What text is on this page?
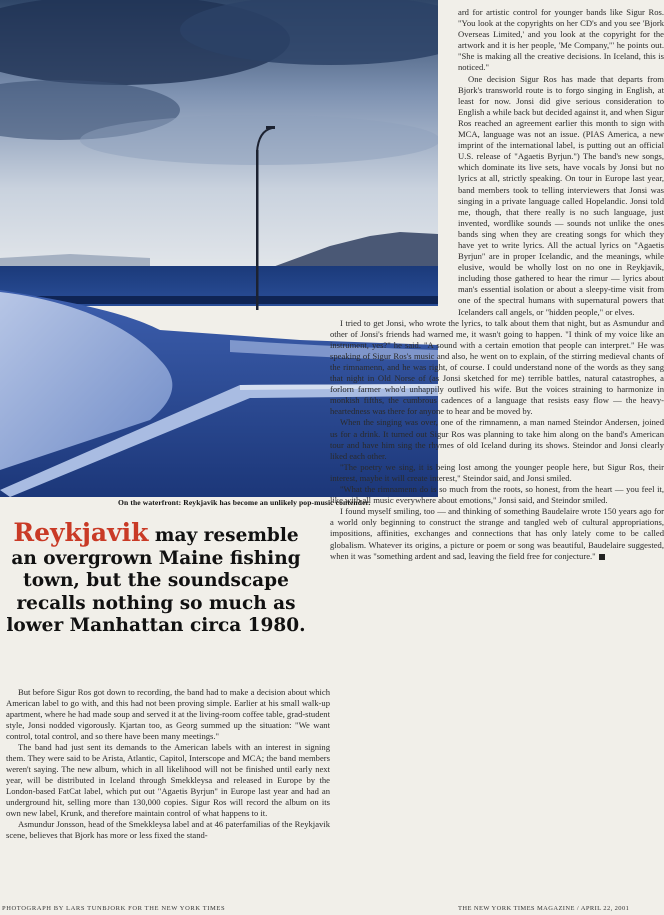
On the waterfront: Reykjavik has become an unlikely pop-music contender.
Reykjavik may resemble an overgrown Maine fishing town, but the soundscape recalls nothing so much as lower Manhattan circa 1980.

But before Sigur Ros got down to recording, the band had to make a decision about which American label to go with, and this had not been proving simple. Earlier at his small walk-up apartment, where he had made soup and served it at the living-room coffee table, grad-student style, Jonsi nodded vigorously. Kjartan too, as Georg summed up the situation: "We want control, total control, and so there have been many meetings."

The band had just sent its demands to the American labels with an interest in signing them. They were said to be Arista, Atlantic, Capitol, Interscope and MCA; the band members weren't saying. The new album, which in all likelihood will not be finished until early next year, will be distributed in Iceland through Smekkleysa and released in Europe by the London-based FatCat label, which put out "Agaetis Byrjun" in Europe last year and had an underground hit, selling more than 130,000 copies. Sigur Ros will record the album on its own new label, Krunk, and therefore maintain control of what happens to it.

Asmundur Jonsson, head of the Smekkleysa label and at 46 paterfamilias of the Reykjavik scene, believes that Bjork has more or less fixed the stand-

ard for artistic control for younger bands like Sigur Ros. "You look at the copyrights on her CD's and you see 'Bjork Overseas Limited,' and you look at the copyright for the artwork and it is her people, 'Me Company,'" he points out. "She is making all the creative decisions. In Iceland, this is noticed."

One decision Sigur Ros has made that departs from Bjork's transworld route is to forgo singing in English, at least for now. Jonsi did give serious consideration to English a while back but decided against it, and when Sigur Ros reached an agreement earlier this month to sign with MCA, language was not an issue. (PIAS America, a new imprint of the international label, is putting out an official U.S. release of "Agaetis Byrjun.") The band's new songs, which dominate its live sets, have vocals by Jonsi but no lyrics at all, strictly speaking. On tour in Europe last year, band members took to telling interviewers that Jonsi was singing in a private language called Hopelandic. Jonsi told me, though, that there really is no such language, just invented, wordlike sounds — sounds not unlike the ones bands sing when they are creating songs for which they have yet to write lyrics. All the actual lyrics on "Agaetis Byrjun" are in proper Icelandic, and the meanings, while elusive, would be wholly lost on no one in Reykjavik, including those gathered to hear the rimur — lyrics about man's essential isolation or about a sleepy-time visit from one of the spectral humans with supernatural powers that Icelanders call angels, or "hidden people," or elves.

I tried to get Jonsi, who wrote the lyrics, to talk about them that night, but as Asmundur and other of Jonsi's friends had warned me, it wasn't going to happen. "I think of my voice like an instrument, yes?" he said. "A sound with a certain emotion that people can interpret." He was speaking of Sigur Ros's music and also, he went on to explain, of the stirring medieval chants of the rimnamenn, and he was right, of course. I could understand none of the words as they sang that night in Old Norse of (as Jonsi sketched for me) terrible battles, natural catastrophes, a forlorn farmer who'd unhappily outlived his wife. But the voices straining to harmonize in monkish fifths, the cumbrous cadences of a language that resists easy flow — the heavy-heartedness was there for anyone to hear and be moved by.

When the singing was over, one of the rimnamenn, a man named Steindor Andersen, joined us for a drink. It turned out Sigur Ros was planning to take him along on the band's American tour and have him sing the rhymes of old Iceland during its shows. Steindor and Jonsi clearly liked each other.

"The poetry we sing, it is being lost among the younger people here, but Sigur Ros, their interest, maybe it will create interest," Steindor said, and Jonsi smiled.

"What the rimnamenn do is so much from the roots, so honest, from the heart — you feel it, like with all music everywhere about emotions," Jonsi said, and Steindor smiled.

I found myself smiling, too — and thinking of something Baudelaire wrote 150 years ago for a world only beginning to construct the strange and tangled web of cultural appropriations, impositions, affinities, exchanges and connections that has only lately come to be called globalism. Whatever its origins, a picture or poem or song was beautiful, Baudelaire suggested, when it was "something ardent and sad, leaving the field free for conjecture."

PHOTOGRAPH BY LARS TUNBJORK FOR THE NEW YORK TIMES	THE NEW YORK TIMES MAGAZINE / APRIL 22, 2001
